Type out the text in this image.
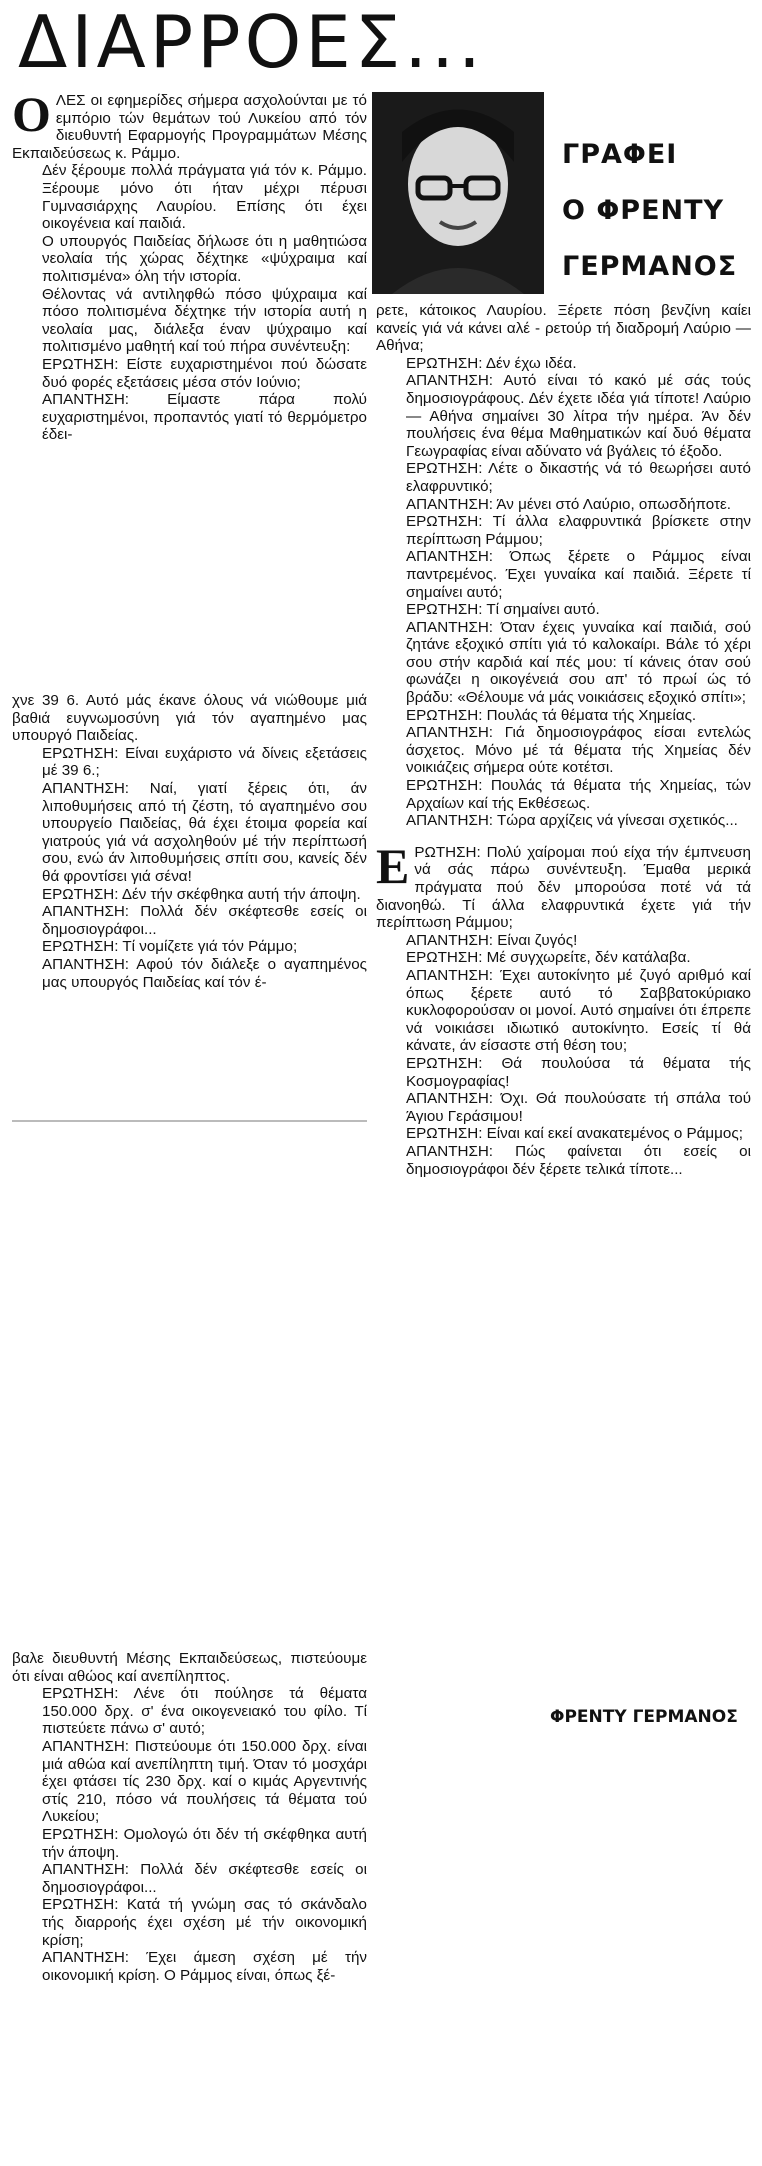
ΔΙΑΡΡΟΕΣ...
ΓΡΑΦΕΙ
Ο ΦΡΕΝΤΥ
ΓΕΡΜΑΝΟΣ

ΟΛΕΣ οι εφημερίδες σήμερα ασχολούνται με τό εμπόριο τών θεμάτων τού Λυκείου από τόν διευθυντή Εφαρμογής Προγραμμάτων Μέσης Εκπαιδεύσεως κ. Ράμμο.

Δέν ξέρουμε πολλά πράγματα γιά τόν κ. Ράμμο. Ξέρουμε μόνο ότι ήταν μέχρι πέρυσι Γυμνασιάρχης Λαυρίου. Επίσης ότι έχει οικογένεια καί παιδιά.

Ο υπουργός Παιδείας δήλωσε ότι η μαθητιώσα νεολαία τής χώρας δέχτηκε «ψύχραιμα καί πολιτισμένα» όλη τήν ιστορία.

Θέλοντας νά αντιληφθώ πόσο ψύχραιμα καί πόσο πολιτισμένα δέχτηκε τήν ιστορία αυτή η νεολαία μας, διάλεξα έναν ψύχραιμο καί πολιτισμένο μαθητή καί τού πήρα συνέντευξη:

ΕΡΩΤΗΣΗ: Είστε ευχαριστημένοι πού δώσατε δυό φορές εξετάσεις μέσα στόν Ιούνιο;

ΑΠΑΝΤΗΣΗ: Είμαστε πάρα πολύ ευχαριστημένοι, προπαντός γιατί τό θερμόμετρο έδει-

χνε 39 6. Αυτό μάς έκανε όλους νά νιώθουμε μιά βαθιά ευγνωμοσύνη γιά τόν αγαπημένο μας υπουργό Παιδείας.

ΕΡΩΤΗΣΗ: Είναι ευχάριστο νά δίνεις εξετάσεις μέ 39 6.;

ΑΠΑΝΤΗΣΗ: Ναί, γιατί ξέρεις ότι, άν λιποθυμήσεις από τή ζέστη, τό αγαπημένο σου υπουργείο Παιδείας, θά έχει έτοιμα φορεία καί γιατρούς γιά νά ασχοληθούν μέ τήν περίπτωσή σου, ενώ άν λιποθυμήσεις σπίτι σου, κανείς δέν θά φροντίσει γιά σένα!

ΕΡΩΤΗΣΗ: Δέν τήν σκέφθηκα αυτή τήν άποψη.

ΑΠΑΝΤΗΣΗ: Πολλά δέν σκέφτεσθε εσείς οι δημοσιογράφοι...

ΕΡΩΤΗΣΗ: Τί νομίζετε γιά τόν Ράμμο;

ΑΠΑΝΤΗΣΗ: Αφού τόν διάλεξε ο αγαπημένος μας υπουργός Παιδείας καί τόν έ-

βαλε διευθυντή Μέσης Εκπαιδεύσεως, πιστεύουμε ότι είναι αθώος καί ανεπίληπτος.

ΕΡΩΤΗΣΗ: Λένε ότι πούλησε τά θέματα 150.000 δρχ. σ' ένα οικογενειακό του φίλο. Τί πιστεύετε πάνω σ' αυτό;

ΑΠΑΝΤΗΣΗ: Πιστεύουμε ότι 150.000 δρχ. είναι μιά αθώα καί ανεπίληπτη τιμή. Όταν τό μοσχάρι έχει φτάσει τίς 230 δρχ. καί ο κιμάς Αργεντινής στίς 210, πόσο νά πουλήσεις τά θέματα τού Λυκείου;

ΕΡΩΤΗΣΗ: Ομολογώ ότι δέν τή σκέφθηκα αυτή τήν άποψη.

ΑΠΑΝΤΗΣΗ: Πολλά δέν σκέφτεσθε εσείς οι δημοσιογράφοι...

ΕΡΩΤΗΣΗ: Κατά τή γνώμη σας τό σκάνδαλο τής διαρροής έχει σχέση μέ τήν οικονομική κρίση;

ΑΠΑΝΤΗΣΗ: Έχει άμεση σχέση μέ τήν οικονομική κρίση. Ο Ράμμος είναι, όπως ξέ-

ρετε, κάτοικος Λαυρίου. Ξέρετε πόση βενζίνη καίει κανείς γιά νά κάνει αλέ - ρετούρ τή διαδρομή Λαύριο — Αθήνα;

ΕΡΩΤΗΣΗ: Δέν έχω ιδέα.

ΑΠΑΝΤΗΣΗ: Αυτό είναι τό κακό μέ σάς τούς δημοσιογράφους. Δέν έχετε ιδέα γιά τίποτε! Λαύριο — Αθήνα σημαίνει 30 λίτρα τήν ημέρα. Άν δέν πουλήσεις ένα θέμα Μαθηματικών καί δυό θέματα Γεωγραφίας είναι αδύνατο νά βγάλεις τό έξοδο.

ΕΡΩΤΗΣΗ: Λέτε ο δικαστής νά τό θεωρήσει αυτό ελαφρυντικό;

ΑΠΑΝΤΗΣΗ: Άν μένει στό Λαύριο, οπωσδήποτε.

ΕΡΩΤΗΣΗ: Τί άλλα ελαφρυντικά βρίσκετε στην περίπτωση Ράμμου;

ΑΠΑΝΤΗΣΗ: Όπως ξέρετε ο Ράμμος είναι παντρεμένος. Έχει γυναίκα καί παιδιά. Ξέρετε τί σημαίνει αυτό;

ΕΡΩΤΗΣΗ: Τί σημαίνει αυτό.

ΑΠΑΝΤΗΣΗ: Όταν έχεις γυναίκα καί παιδιά, σού ζητάνε εξοχικό σπίτι γιά τό καλοκαίρι. Βάλε τό χέρι σου στήν καρδιά καί πές μου: τί κάνεις όταν σού φωνάζει η οικογένειά σου απ' τό πρωί ώς τό βράδυ: «Θέλουμε νά μάς νοικιάσεις εξοχικό σπίτι»;

ΕΡΩΤΗΣΗ: Πουλάς τά θέματα τής Χημείας.

ΑΠΑΝΤΗΣΗ: Γιά δημοσιογράφος είσαι εντελώς άσχετος. Μόνο μέ τά θέματα τής Χημείας δέν νοικιάζεις σήμερα ούτε κοτέτσι.

ΕΡΩΤΗΣΗ: Πουλάς τά θέματα τής Χημείας, τών Αρχαίων καί τής Εκθέσεως.

ΑΠΑΝΤΗΣΗ: Τώρα αρχίζεις νά γίνεσαι σχετικός...

ΕΡΩΤΗΣΗ: Πολύ χαίρομαι πού είχα τήν έμπνευση νά σάς πάρω συνέντευξη. Έμαθα μερικά πράγματα πού δέν μπορούσα ποτέ νά τά διανοηθώ. Τί άλλα ελαφρυντικά έχετε γιά τήν περίπτωση Ράμμου;

ΑΠΑΝΤΗΣΗ: Είναι ζυγός!

ΕΡΩΤΗΣΗ: Μέ συγχωρείτε, δέν κατάλαβα.

ΑΠΑΝΤΗΣΗ: Έχει αυτοκίνητο μέ ζυγό αριθμό καί όπως ξέρετε αυτό τό Σαββατοκύριακο κυκλοφορούσαν οι μονοί. Αυτό σημαίνει ότι έπρεπε νά νοικιάσει ιδιωτικό αυτοκίνητο. Εσείς τί θά κάνατε, άν είσαστε στή θέση του;

ΕΡΩΤΗΣΗ: Θά πουλούσα τά θέματα τής Κοσμογραφίας!

ΑΠΑΝΤΗΣΗ: Όχι. Θά πουλούσατε τή σπάλα τού Άγιου Γεράσιμου!

ΕΡΩΤΗΣΗ: Είναι καί εκεί ανακατεμένος ο Ράμμος;

ΑΠΑΝΤΗΣΗ: Πώς φαίνεται ότι εσείς οι δημοσιογράφοι δέν ξέρετε τελικά τίποτε...

ΦΡΕΝΤΥ ΓΕΡΜΑΝΟΣ
